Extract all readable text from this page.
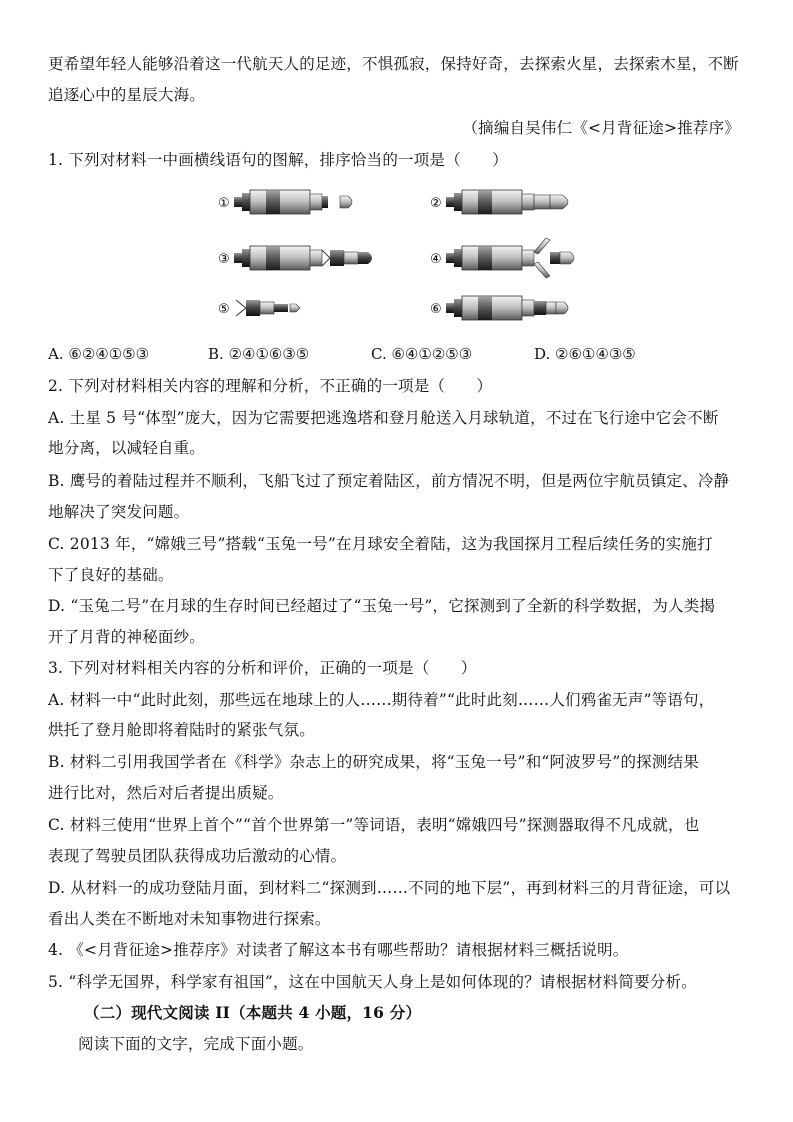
更希望年轻人能够沿着这一代航天人的足迹，不惧孤寂，保持好奇，去探索火星，去探索木星，不断
追逐心中的星辰大海。
（摘编自吴伟仁《<月背征途>推荐序》
1. 下列对材料一中画横线语句的图解，排序恰当的一项是（　　）
①	②
③	④
⑤	⑥
A. ⑥②④①⑤③	B. ②④①⑥③⑤	C. ⑥④①②⑤③	D. ②⑥①④③⑤
2. 下列对材料相关内容的理解和分析，不正确的一项是（　　）
A. 土星 5 号“体型”庞大，因为它需要把逃逸塔和登月舱送入月球轨道，不过在飞行途中它会不断
地分离，以减轻自重。
B. 鹰号的着陆过程并不顺利，飞船飞过了预定着陆区，前方情况不明，但是两位宇航员镇定、冷静
地解决了突发问题。
C. 2013 年，“嫦娥三号”搭载“玉兔一号”在月球安全着陆，这为我国探月工程后续任务的实施打
下了良好的基础。
D. “玉兔二号”在月球的生存时间已经超过了“玉兔一号”，它探测到了全新的科学数据，为人类揭
开了月背的神秘面纱。
3. 下列对材料相关内容的分析和评价，正确的一项是（　　）
A. 材料一中“此时此刻，那些远在地球上的人……期待着”“此时此刻……人们鸦雀无声”等语句，
烘托了登月舱即将着陆时的紧张气氛。
B. 材料二引用我国学者在《科学》杂志上的研究成果，将“玉兔一号”和“阿波罗号”的探测结果
进行比对，然后对后者提出质疑。
C. 材料三使用“世界上首个”“首个世界第一”等词语，表明“嫦娥四号”探测器取得不凡成就，也
表现了驾驶员团队获得成功后激动的心情。
D. 从材料一的成功登陆月面，到材料二“探测到……不同的地下层”，再到材料三的月背征途，可以
看出人类在不断地对未知事物进行探索。
4. 《<月背征途>推荐序》对读者了解这本书有哪些帮助？请根据材料三概括说明。
5. “科学无国界，科学家有祖国”，这在中国航天人身上是如何体现的？请根据材料简要分析。
（二）现代文阅读 II（本题共 4 小题，16 分）
阅读下面的文字，完成下面小题。
